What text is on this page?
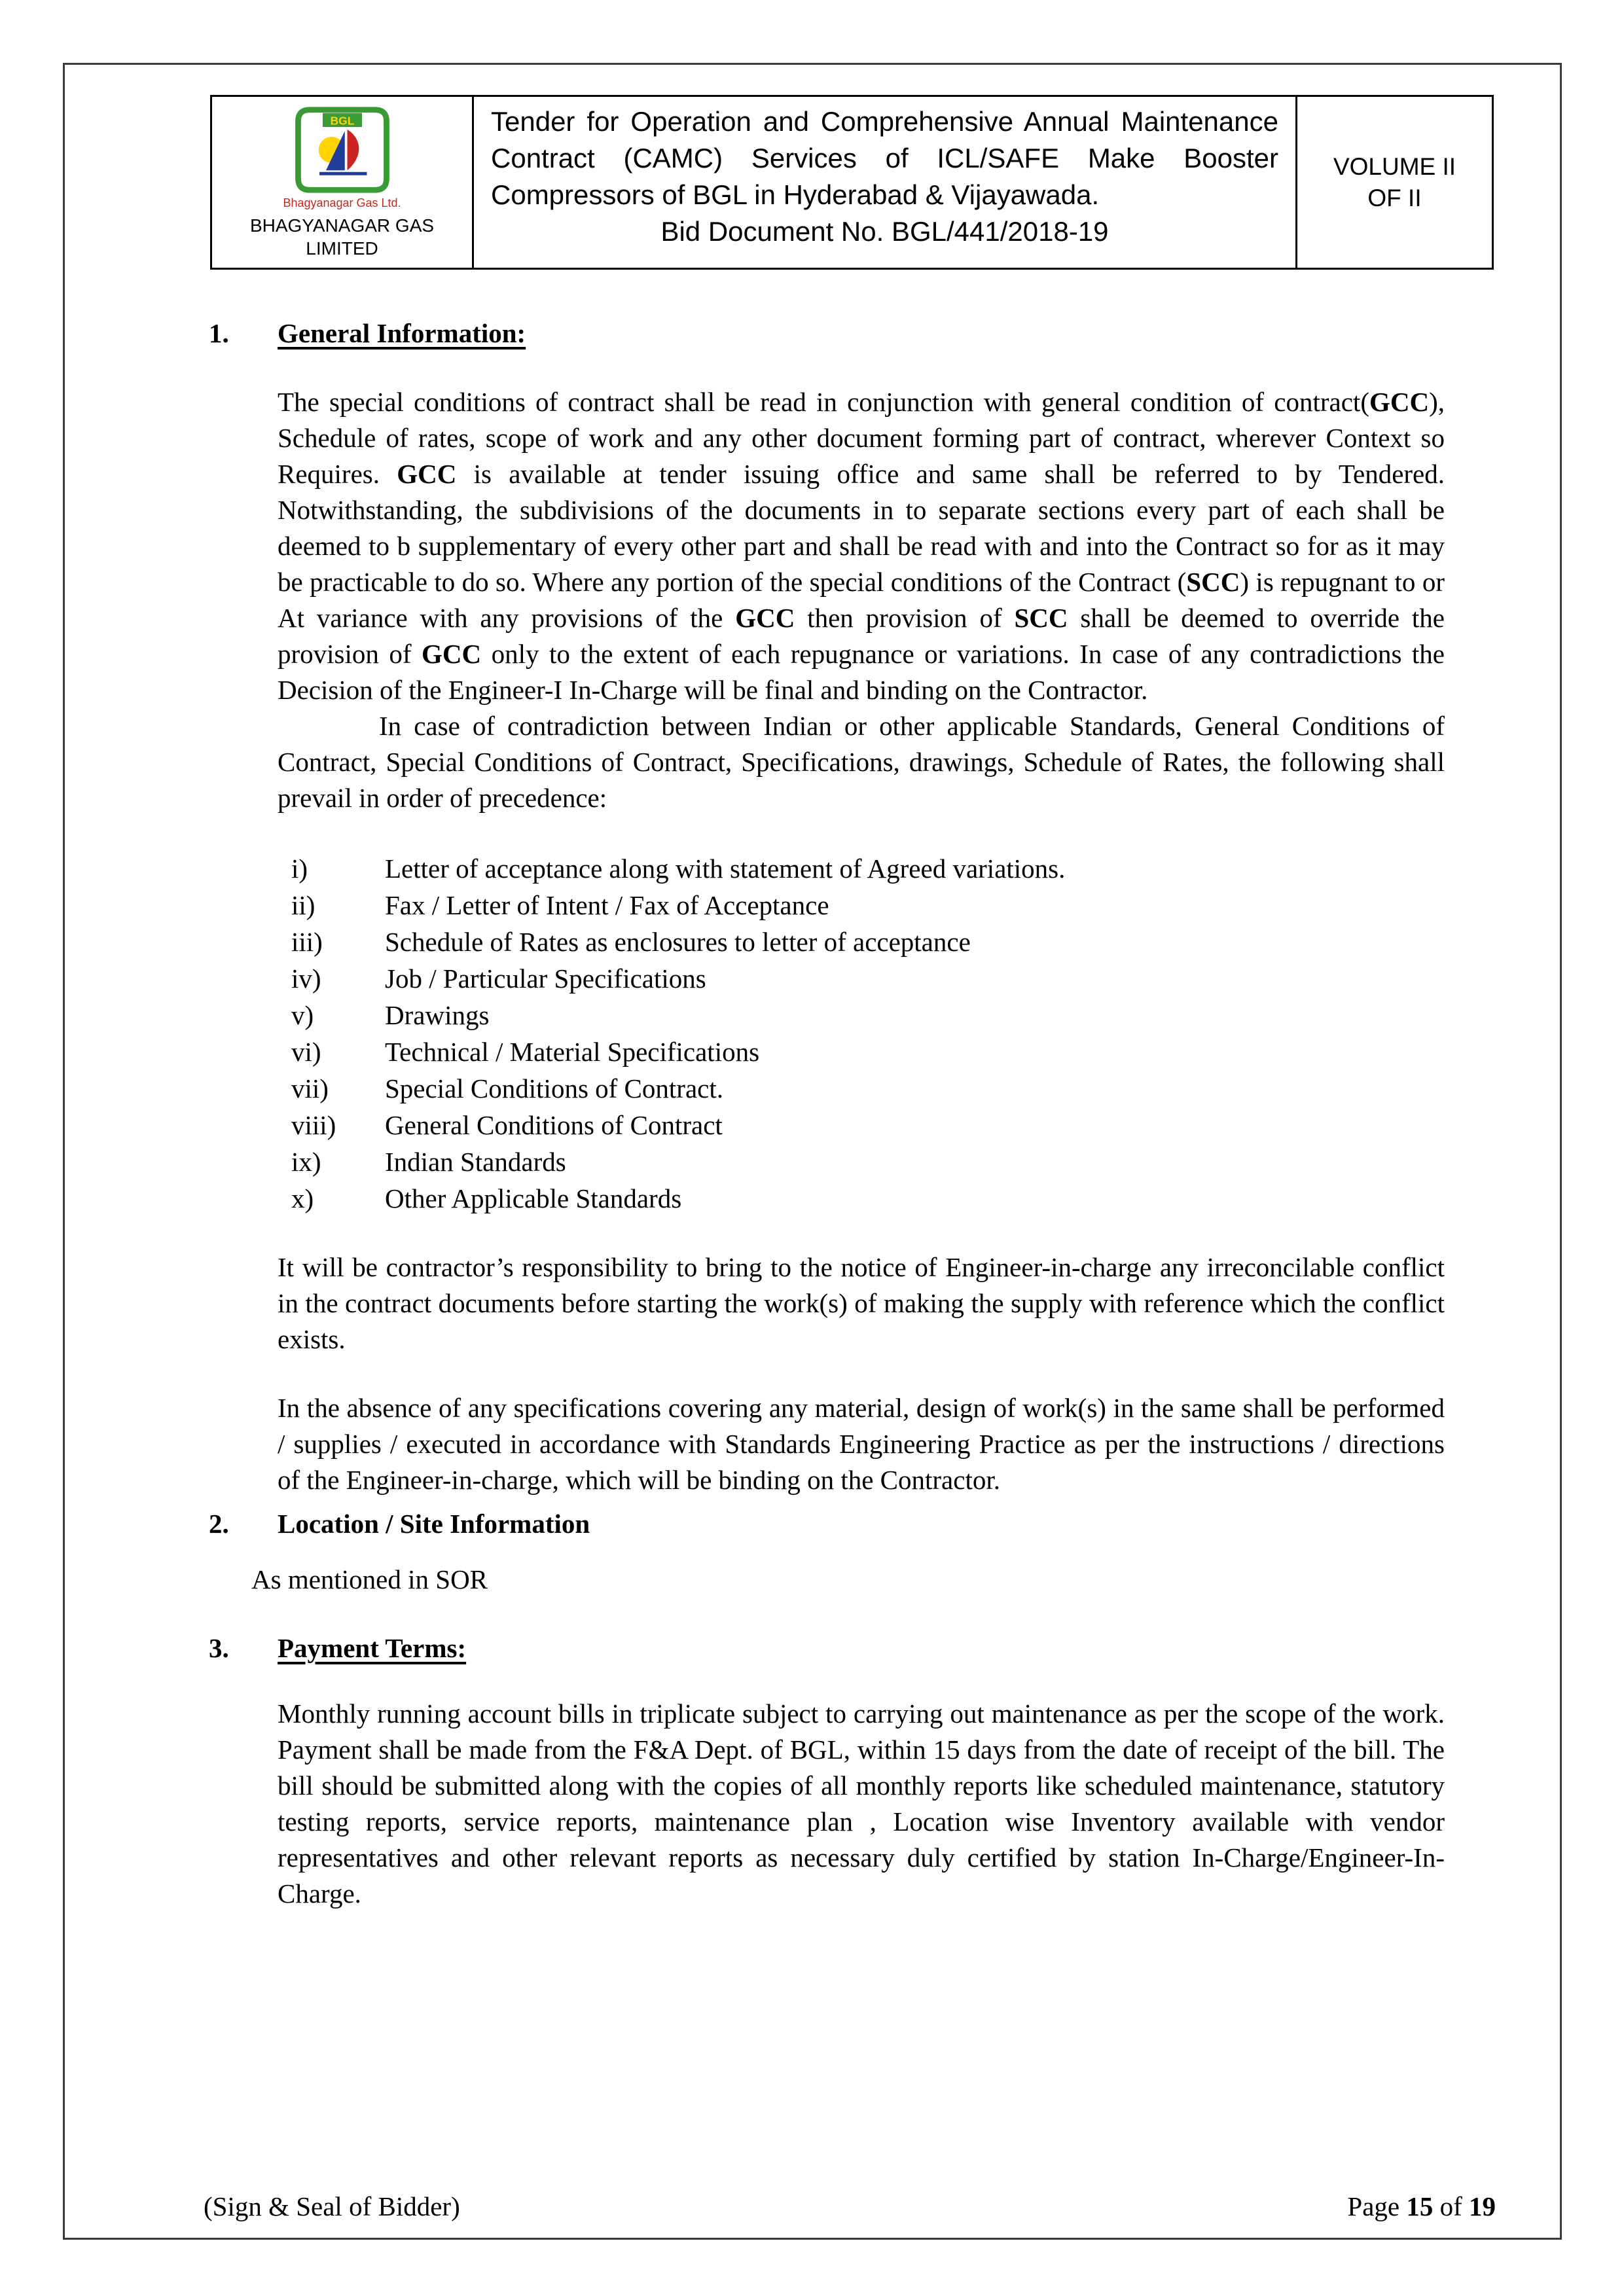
BGL
Bhagyanagar Gas Ltd.
BHAGYANAGAR GAS LIMITED

Tender for Operation and Comprehensive Annual Maintenance Contract (CAMC) Services of ICL/SAFE Make Booster Compressors of BGL in Hyderabad & Vijayawada.
Bid Document No. BGL/441/2018-19

VOLUME II
OF II
1.	General Information:

The special conditions of contract shall be read in conjunction with general condition of contract(GCC), Schedule of rates, scope of work and any other document forming part of contract, wherever Context so Requires. GCC is available at tender issuing office and same shall be referred to by Tendered. Notwithstanding, the subdivisions of the documents in to separate sections every part of each shall be deemed to b supplementary of every other part and shall be read with and into the Contract so for as it may be practicable to do so. Where any portion of the special conditions of the Contract (SCC) is repugnant to or At variance with any provisions of the GCC then provision of SCC shall be deemed to override the provision of GCC only to the extent of each repugnance or variations. In case of any contradictions the Decision of the Engineer-I In-Charge will be final and binding on the Contractor.

In case of contradiction between Indian or other applicable Standards, General Conditions of Contract, Special Conditions of Contract, Specifications, drawings, Schedule of Rates, the following shall prevail in order of precedence:

i)	Letter of acceptance along with statement of Agreed variations.
ii)	Fax / Letter of Intent / Fax of Acceptance
iii)	Schedule of Rates as enclosures to letter of acceptance
iv)	Job / Particular Specifications
v)	Drawings
vi)	Technical / Material Specifications
vii)	Special Conditions of Contract.
viii)	General Conditions of Contract
ix)	Indian Standards
x)	Other Applicable Standards

It will be contractor’s responsibility to bring to the notice of Engineer-in-charge any irreconcilable conflict in the contract documents before starting the work(s) of making the supply with reference which the conflict exists.

In the absence of any specifications covering any material, design of work(s) in the same shall be performed / supplies / executed in accordance with Standards Engineering Practice as per the instructions / directions of the Engineer-in-charge, which will be binding on the Contractor.

2.	Location / Site Information

As mentioned in SOR

3.	Payment Terms:

Monthly running account bills in triplicate subject to carrying out maintenance as per the scope of the work. Payment shall be made from the F&A Dept. of BGL, within 15 days from the date of receipt of the bill. The bill should be submitted along with the copies of all monthly reports like scheduled maintenance, statutory testing reports, service reports, maintenance plan , Location wise Inventory available with vendor representatives and other relevant reports as necessary duly certified by station In-Charge/Engineer-In-Charge.

(Sign & Seal of Bidder)	Page 15 of 19
